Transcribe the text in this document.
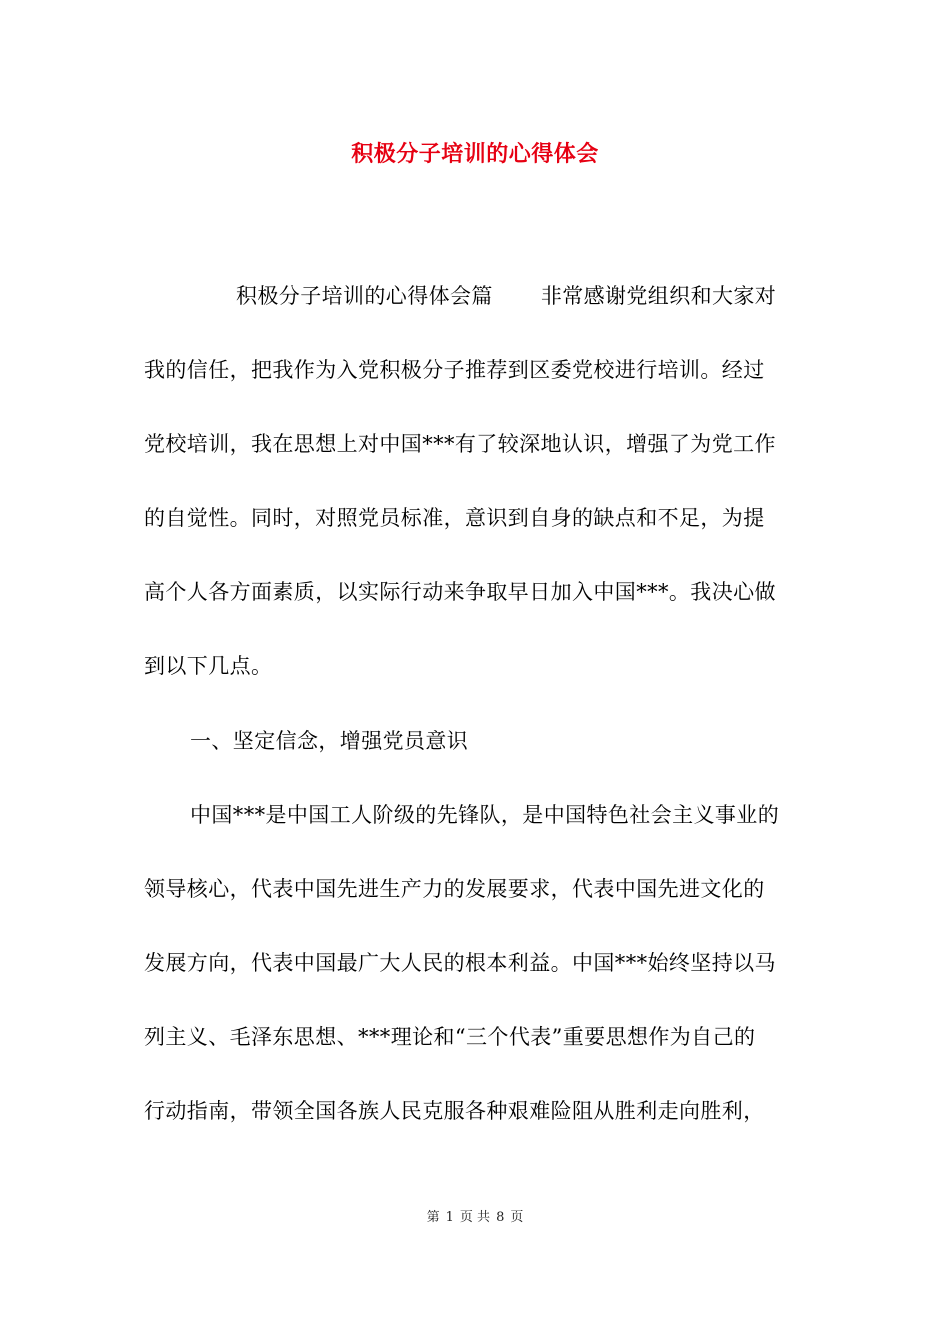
积极分子培训的心得体会
积极分子培训的心得体会篇 非常感谢党组织和大家对
我的信任，把我作为入党积极分子推荐到区委党校进行培训。经过
党校培训，我在思想上对中国***有了较深地认识，增强了为党工作
的自觉性。同时，对照党员标准，意识到自身的缺点和不足，为提
高个人各方面素质，以实际行动来争取早日加入中国***。我决心做
到以下几点。
一、坚定信念，增强党员意识
中国***是中国工人阶级的先锋队，是中国特色社会主义事业的
领导核心，代表中国先进生产力的发展要求，代表中国先进文化的
发展方向，代表中国最广大人民的根本利益。中国***始终坚持以马
列主义、毛泽东思想、***理论和“三个代表”重要思想作为自己的
行动指南，带领全国各族人民克服各种艰难险阻从胜利走向胜利，
第 1 页 共 8 页
